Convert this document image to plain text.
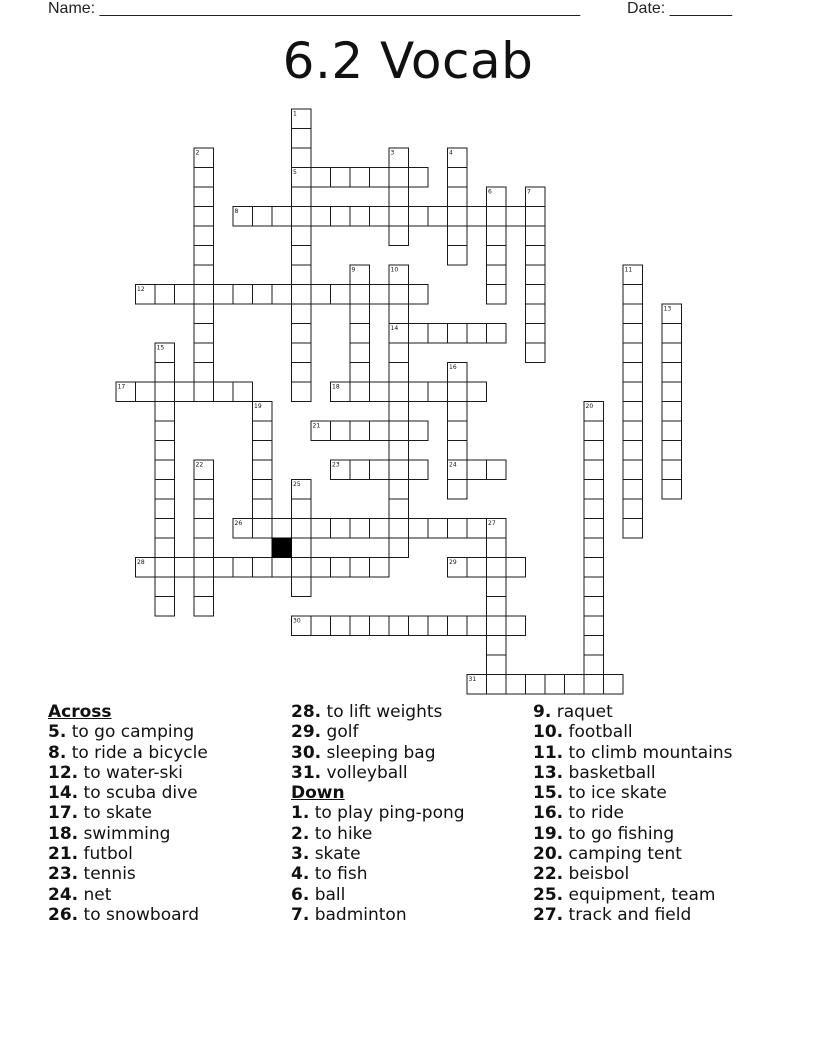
Name: ______________________________________________________	Date: _______
6.2 Vocab
1
2	3	4
5
6	7
8
9	10	11
12
13
14
15
16
17	18
19	20
21
22	23	24
25
26	27
28	29
30
31
Across
5. to go camping
8. to ride a bicycle
12. to water-ski
14. to scuba dive
17. to skate
18. swimming
21. futbol
23. tennis
24. net
26. to snowboard
28. to lift weights
29. golf
30. sleeping bag
31. volleyball
Down
1. to play ping-pong
2. to hike
3. skate
4. to fish
6. ball
7. badminton
9. raquet
10. football
11. to climb mountains
13. basketball
15. to ice skate
16. to ride
19. to go fishing
20. camping tent
22. beisbol
25. equipment, team
27. track and field
